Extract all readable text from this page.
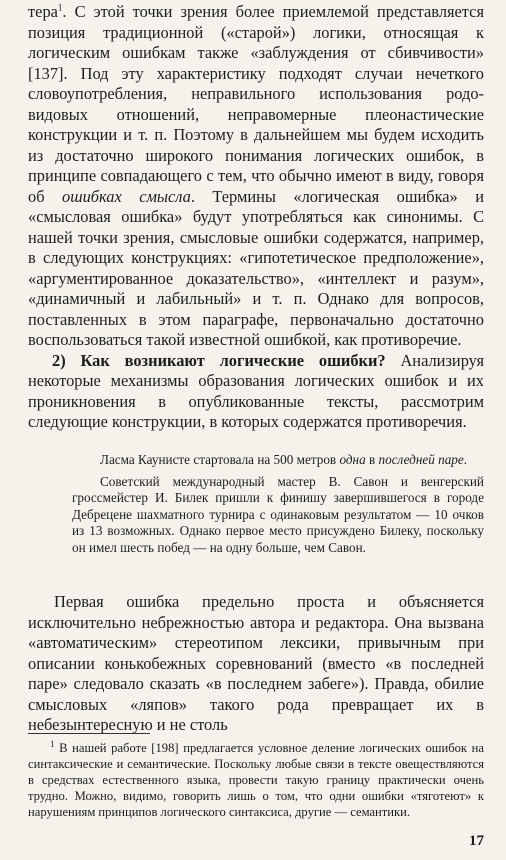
тера$^1$. С этой точки зрения более приемлемой представляется позиция традиционной («старой») логики, относящая к логическим ошибкам также «заблуждения от сбивчивости» [137]. Под эту характеристику подходят случаи нечеткого словоупотребления, неправильного использования родо-видовых отношений, неправомерные плеонастические конструкции и т. п. Поэтому в дальнейшем мы будем исходить из достаточно широкого понимания логических ошибок, в принципе совпадающего с тем, что обычно имеют в виду, говоря об ошибках смысла. Термины «логическая ошибка» и «смысловая ошибка» будут употребляться как синонимы. С нашей точки зрения, смысловые ошибки содержатся, например, в следующих конструкциях: «гипотетическое предположение», «аргументированное доказательство», «интеллект и разум», «динамичный и лабильный» и т. п. Однако для вопросов, поставленных в этом параграфе, первоначально достаточно воспользоваться такой известной ошибкой, как противоречие.

2) Как возникают логические ошибки? Анализируя некоторые механизмы образования логических ошибок и их проникновения в опубликованные тексты, рассмотрим следующие конструкции, в которых содержатся противоречия.

Ласма Каунисте стартовала на 500 метров одна в последней паре.

Советский международный мастер В. Савон и венгерский гроссмейстер И. Билек пришли к финишу завершившегося в городе Дебрецене шахматного турнира с одинаковым результатом — 10 очков из 13 возможных. Однако первое место присуждено Билеку, поскольку он имел шесть побед — на одну больше, чем Савон.

Первая ошибка предельно проста и объясняется исключительно небрежностью автора и редактора. Она вызвана «автоматическим» стереотипом лексики, привычным при описании конькобежных соревнований (вместо «в последней паре» следовало сказать «в последнем забеге»). Правда, обилие смысловых «ляпов» такого рода превращает их в небезынтересную и не столь

$^1$ В нашей работе [198] предлагается условное деление логических ошибок на синтаксические и семантические. Поскольку любые связи в тексте овеществляются в средствах естественного языка, провести такую границу практически очень трудно. Можно, видимо, говорить лишь о том, что одни ошибки «тяготеют» к нарушениям принципов логического синтаксиса, другие — семантики.

17
